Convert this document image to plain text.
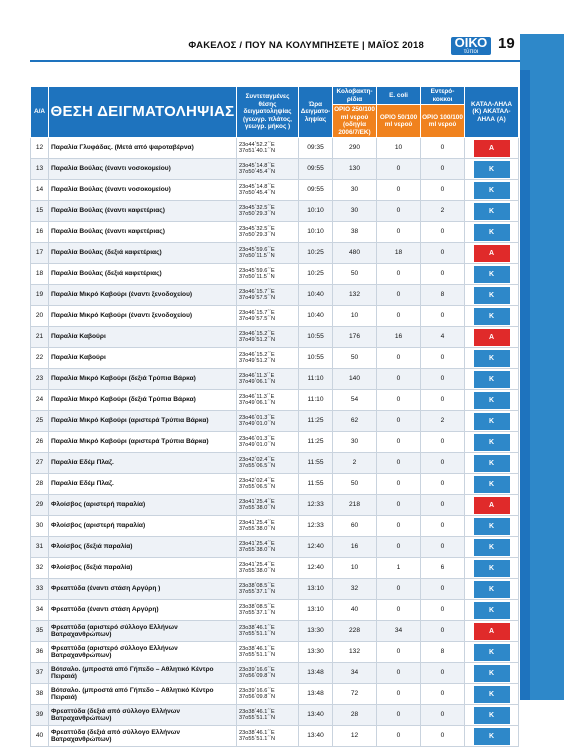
ΦΑΚΕΛΟΣ / ΠΟΥ ΝΑ ΚΟΛΥΜΠΗΣΕΤΕ | ΜΑΪΟΣ 2018 ΟΙΚΟ
τύποι	19
Α/Α	ΘΕΣΗ ΔΕΙΓΜΑΤΟΛΗΨΙΑΣ	Συντεταγμένες θέσης δειγματοληψίας (γεωγρ. πλάτος, γεωγρ. μήκος )	Ώρα Δειγματο-ληψίας	Κολοβακτη-ρίδια	E. coli	Εντερό-κοκκοι	ΚΑΤΑΛ-ΛΗΛΑ (Κ) ΑΚΑΤΑΛ-ΛΗΛΑ (Α)
				ΟΡΙΟ 250/100 ml νερού (οδηγία 2006/7/ΕΚ)	ΟΡΙΟ 50/100 ml νερού	ΟΡΙΟ 100/100 ml νερού	
12	Παραλία Γλυφάδας. (Μετά από ψαροταβέρνα)	23o44΄52.2΄΄E
37o51΄40.1΄΄N	09:35	290	10	0	Α
13	Παραλία Βούλας (έναντι νοσοκομείου)	23o45΄14.8΄΄E
37o50΄45.4΄΄N	09:55	130	0	0	Κ
14	Παραλία Βούλας (έναντι νοσοκομείου)	23o45΄14.8΄΄E
37o50΄45.4΄΄N	09:55	30	0	0	Κ
15	Παραλία Βούλας (έναντι καφετέριας)	23o45΄32.5΄΄E
37o50΄29.3΄΄N	10:10	30	0	2	Κ
16	Παραλία Βούλας (έναντι καφετέριας)	23o45΄32.5΄΄E
37o50΄29.3΄΄N	10:10	38	0	0	Κ
17	Παραλία Βούλας (δεξιά καφετέριας)	23o45΄59.6΄΄E
37o50΄11.5΄΄N	10:25	480	18	0	Α
18	Παραλία Βούλας (δεξιά καφετέριας)	23o45΄59.6΄΄E
37o50΄11.5΄΄N	10:25	50	0	0	Κ
19	Παραλία Μικρό Καβούρι (έναντι ξενοδοχείου)	23o46΄15.7΄΄E
37o49΄57.5΄΄N	10:40	132	0	8	Κ
20	Παραλία Μικρό Καβούρι (έναντι ξενοδοχείου)	23o46΄15.7΄΄E
37o49΄57.5΄΄N	10:40	10	0	0	Κ
21	Παραλία Καβούρι	23o46΄15.2΄΄E
37o49΄51.2΄΄N	10:55	176	16	4	Α
22	Παραλία Καβούρι	23o46΄15.2΄΄E
37o49΄51.2΄΄N	10:55	50	0	0	Κ
23	Παραλία Μικρό Καβούρι (δεξιά Τρύπια Βάρκα)	23o46΄11.3΄΄E
37o49΄06.1΄΄N	11:10	140	0	0	Κ
24	Παραλία Μικρό Καβούρι (δεξιά Τρύπια Βάρκα)	23o46΄11.3΄΄E
37o49΄06.1΄΄N	11:10	54	0	0	Κ
25	Παραλία Μικρό Καβούρι (αριστερά Τρύπια Βάρκα)	23o46΄01.3΄΄E
37o49΄01.0΄΄N	11:25	62	0	2	Κ
26	Παραλία Μικρό Καβούρι (αριστερά Τρύπια Βάρκα)	23o46΄01.3΄΄E
37o49΄01.0΄΄N	11:25	30	0	0	Κ
27	Παραλία Εδέμ Πλαζ.	23o42΄02.4΄΄E
37o55΄06.5΄΄N	11:55	2	0	0	Κ
28	Παραλία Εδέμ Πλαζ.	23o42΄02.4΄΄E
37o55΄06.5΄΄N	11:55	50	0	0	Κ
29	Φλοίσβος (αριστερή παραλία)	23o41΄25.4΄΄E
37o55΄38.0΄΄N	12:33	218	0	0	Α
30	Φλοίσβος (αριστερή παραλία)	23o41΄25.4΄΄E
37o55΄38.0΄΄N	12:33	60	0	0	Κ
31	Φλοίσβος (δεξιά παραλία)	23o41΄25.4΄΄E
37o55΄38.0΄΄N	12:40	16	0	0	Κ
32	Φλοίσβος (δεξιά παραλία)	23o41΄25.4΄΄E
37o55΄38.0΄΄N	12:40	10	1	6	Κ
33	Φρεαττύδα (έναντι στάση Αργύρη )	23o38΄08.5΄΄E
37o55΄37.1΄΄N	13:10	32	0	0	Κ
34	Φρεαττύδα (έναντι στάση Αργύρη)	23o38΄08.5΄΄E
37o55΄37.1΄΄N	13:10	40	0	0	Κ
35	Φρεαττύδα (αριστερό σύλλογο Ελλήνων Βατραχανθρώπων)	23o38΄46.1΄΄E
37o55΄51.1΄΄N	13:30	228	34	0	Α
36	Φρεαττύδα (αριστερό σύλλογο Ελλήνων Βατραχανθρώπων)	23o38΄46.1΄΄E
37o55΄51.1΄΄N	13:30	132	0	8	Κ
37	Βότσαλο. (μπροστά από Γήπεδο – Αθλητικό Κέντρο Πειραιά)	23o39΄16.6΄΄E
37o56΄09.8΄΄N	13:48	34	0	0	Κ
38	Βότσαλο. (μπροστά από Γήπεδο – Αθλητικό Κέντρο Πειραιά)	23o39΄16.6΄΄E
37o56΄09.8΄΄N	13:48	72	0	0	Κ
39	Φρεαττύδα (δεξιά από σύλλογο Ελλήνων Βατραχανθρώπων)	23o38΄46.1΄΄E
37o55΄51.1΄΄N	13:40	28	0	0	Κ
40	Φρεαττύδα (δεξιά από σύλλογο Ελλήνων Βατραχανθρώπων)	23o38΄46.1΄΄E
37o55΄51.1΄΄N	13:40	12	0	0	Κ
